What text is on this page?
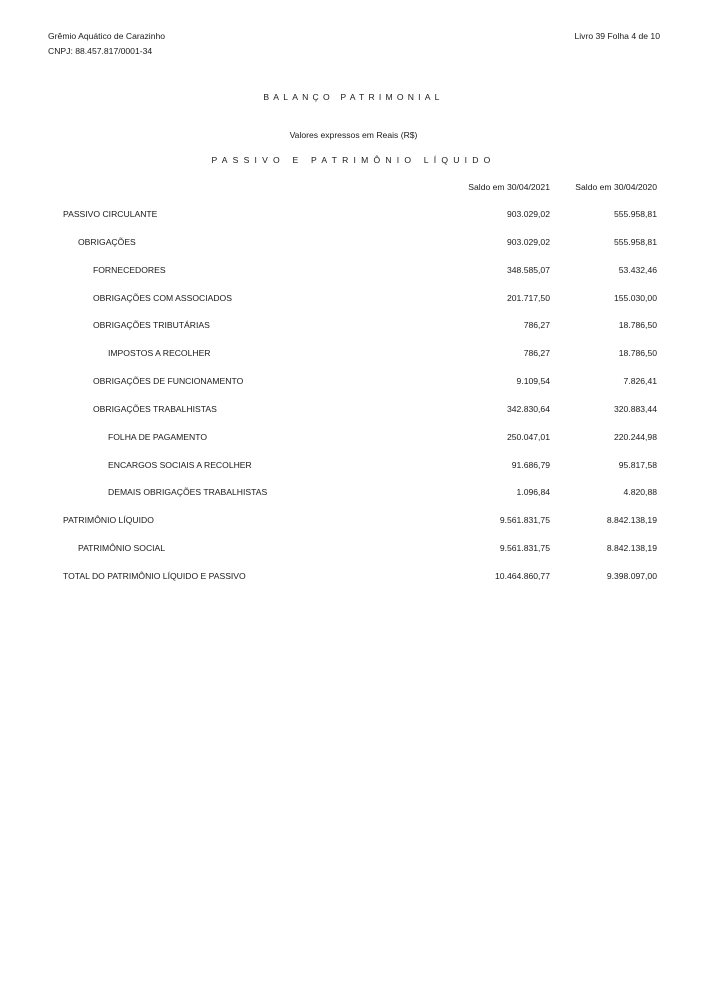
Grêmio Aquático de Carazinho
CNPJ: 88.457.817/0001-34
Livro 39 Folha 4 de 10
BALANÇO PATRIMONIAL
Valores expressos em Reais (R$)
PASSIVO E PATRIMÔNIO LÍQUIDO
Saldo em 30/04/2021	Saldo em 30/04/2020
PASSIVO CIRCULANTE	903.029,02	555.958,81
OBRIGAÇÕES	903.029,02	555.958,81
FORNECEDORES	348.585,07	53.432,46
OBRIGAÇÕES COM ASSOCIADOS	201.717,50	155.030,00
OBRIGAÇÕES TRIBUTÁRIAS	786,27	18.786,50
IMPOSTOS A RECOLHER	786,27	18.786,50
OBRIGAÇÕES DE FUNCIONAMENTO	9.109,54	7.826,41
OBRIGAÇÕES TRABALHISTAS	342.830,64	320.883,44
FOLHA DE PAGAMENTO	250.047,01	220.244,98
ENCARGOS SOCIAIS A RECOLHER	91.686,79	95.817,58
DEMAIS OBRIGAÇÕES TRABALHISTAS	1.096,84	4.820,88
PATRIMÔNIO LÍQUIDO	9.561.831,75	8.842.138,19
PATRIMÔNIO SOCIAL	9.561.831,75	8.842.138,19
TOTAL DO PATRIMÔNIO LÍQUIDO E PASSIVO	10.464.860,77	9.398.097,00
